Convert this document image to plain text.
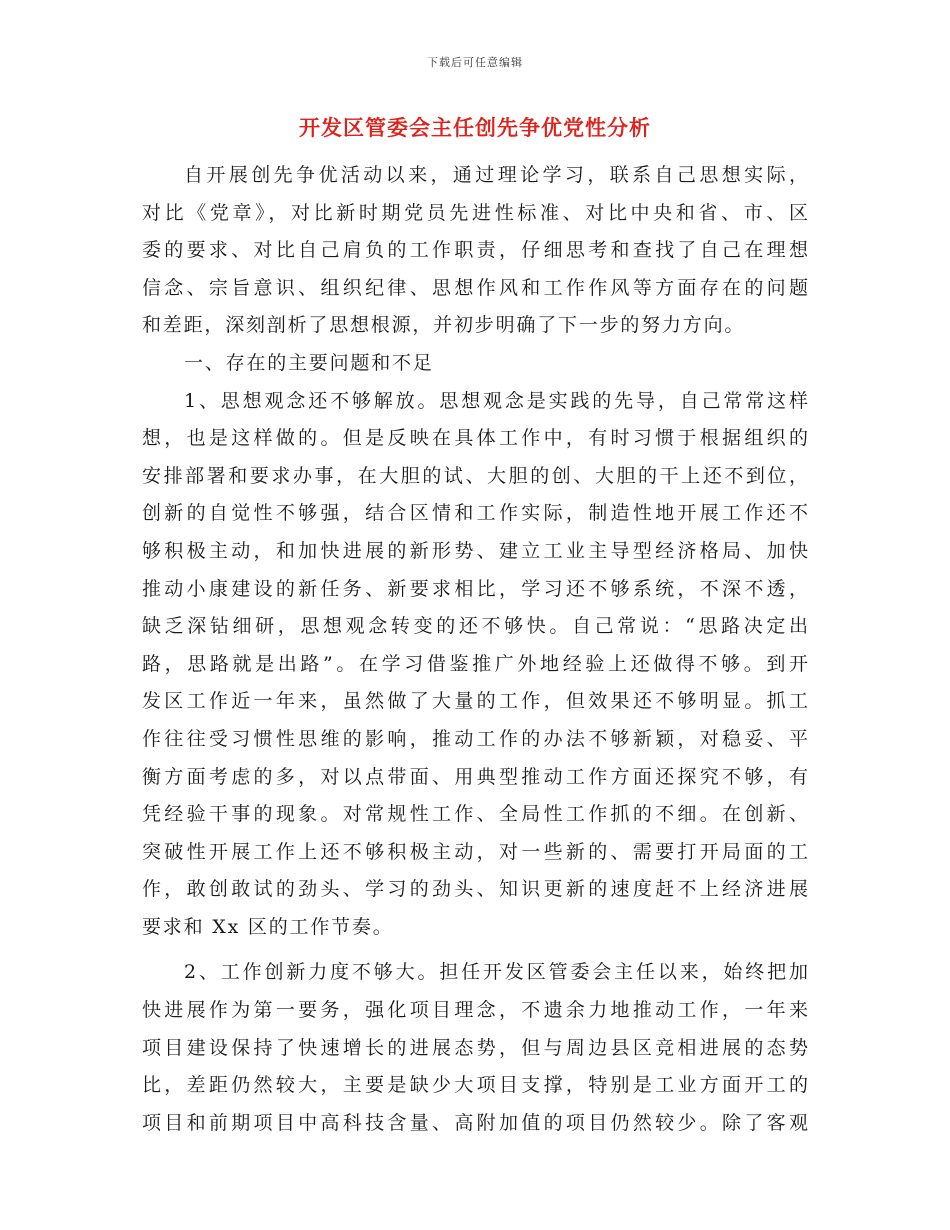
下载后可任意编辑
开发区管委会主任创先争优党性分析
自开展创先争优活动以来，通过理论学习，联系自己思想实际，
对比《党章》，对比新时期党员先进性标准、对比中央和省、市、区
委的要求、对比自己肩负的工作职责，仔细思考和查找了自己在理想
信念、宗旨意识、组织纪律、思想作风和工作作风等方面存在的问题
和差距，深刻剖析了思想根源，并初步明确了下一步的努力方向。
一、存在的主要问题和不足
1、思想观念还不够解放。思想观念是实践的先导，自己常常这样
想，也是这样做的。但是反映在具体工作中，有时习惯于根据组织的
安排部署和要求办事，在大胆的试、大胆的创、大胆的干上还不到位，
创新的自觉性不够强，结合区情和工作实际，制造性地开展工作还不
够积极主动，和加快进展的新形势、建立工业主导型经济格局、加快
推动小康建设的新任务、新要求相比，学习还不够系统，不深不透，
缺乏深钻细研，思想观念转变的还不够快。自己常说：“思路决定出
路，思路就是出路”。在学习借鉴推广外地经验上还做得不够。到开
发区工作近一年来，虽然做了大量的工作，但效果还不够明显。抓工
作往往受习惯性思维的影响，推动工作的办法不够新颖，对稳妥、平
衡方面考虑的多，对以点带面、用典型推动工作方面还探究不够，有
凭经验干事的现象。对常规性工作、全局性工作抓的不细。在创新、
突破性开展工作上还不够积极主动，对一些新的、需要打开局面的工
作，敢创敢试的劲头、学习的劲头、知识更新的速度赶不上经济进展
要求和 Xx 区的工作节奏。
2、工作创新力度不够大。担任开发区管委会主任以来，始终把加
快进展作为第一要务，强化项目理念，不遗余力地推动工作，一年来
项目建设保持了快速增长的进展态势，但与周边县区竞相进展的态势
比，差距仍然较大，主要是缺少大项目支撑，特别是工业方面开工的
项目和前期项目中高科技含量、高附加值的项目仍然较少。除了客观
